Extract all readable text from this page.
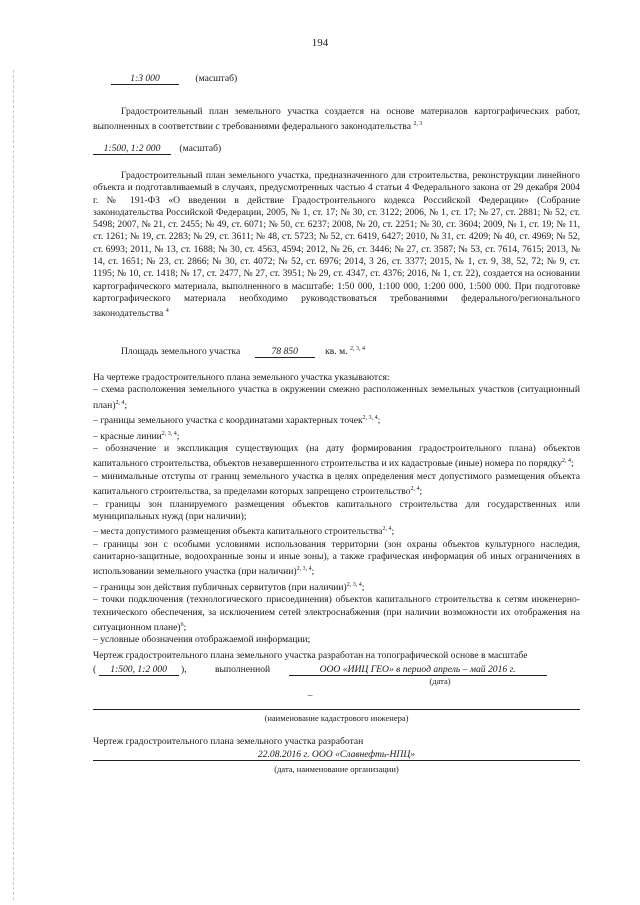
194
1:3 000	(масштаб)
Градостроительный план земельного участка создается на основе материалов картографических работ, выполненных в соответствии с требованиями федерального законодательства $^{2, 3}$
1:500, 1:2 000 (масштаб)
Градостроительный план земельного участка, предназначенного для строительства, реконструкции линейного объекта и подготавливаемый в случаях, предусмотренных частью 4 статьи 4 Федерального закона от 29 декабря 2004 г. № 191-ФЗ «О введении в действие Градостроительного кодекса Российской Федерации» (Собрание законодательства Российской Федерации, 2005, № 1, ст. 17; № 30, ст. 3122; 2006, № 1, ст. 17; № 27, ст. 2881; № 52, ст. 5498; 2007, № 21, ст. 2455; № 49, ст. 6071; № 50, ст. 6237; 2008, № 20, ст. 2251; № 30, ст. 3604; 2009, № 1, ст. 19; № 11, ст. 1261; № 19, ст. 2283; № 29, ст. 3611; № 48, ст. 5723; № 52, ст. 6419, 6427; 2010, № 31, ст. 4209; № 40, ст. 4969; № 52, ст. 6993; 2011, № 13, ст. 1688; № 30, ст. 4563, 4594; 2012, № 26, ст. 3446; № 27, ст. 3587; № 53, ст. 7614, 7615; 2013, № 14, ст. 1651; № 23, ст. 2866; № 30, ст. 4072; № 52, ст. 6976; 2014, 3 26, ст. 3377; 2015, № 1, ст. 9, 38, 52, 72; № 9, ст. 1195; № 10, ст. 1418; № 17, ст. 2477, № 27, ст. 3951; № 29, ст. 4347, ст. 4376; 2016, № 1, ст. 22), создается на основании картографического материала, выполненного в масштабе: 1:50 000, 1:100 000, 1:200 000, 1:500 000. При подготовке картографического материала необходимо руководствоваться требованиями федерального/регионального законодательства $^4$
Площадь земельного участка	78 850	кв. м. $^{2, 3, 4}$

На чертеже градостроительного плана земельного участка указываются:

– схема расположения земельного участка в окружении смежно расположенных земельных участков (ситуационный план)$^{2, 4}$;

– границы земельного участка с координатами характерных точек$^{2, 3, 4}$;

– красные линии$^{2, 3, 4}$;

– обозначение и экспликация существующих (на дату формирования градостроительного плана) объектов капитального строительства, объектов незавершенного строительства и их кадастровые (иные) номера по порядку$^{2, 4}$;

– минимальные отступы от границ земельного участка в целях определения мест допустимого размещения объекта капитального строительства, за пределами которых запрещено строительство$^{2, 4}$;

– границы зон планируемого размещения объектов капитального строительства для государственных или муниципальных нужд (при наличии);

– места допустимого размещения объекта капитального строительства$^{2, 4}$;

– границы зон с особыми условиями использования территории (зон охраны объектов культурного наследия, санитарно-защитные, водоохранные зоны и иные зоны), а также графическая информация об иных ограничениях в использовании земельного участка (при наличии)$^{2, 3, 4}$;

– границы зон действия публичных сервитутов (при наличии)$^{2, 3, 4}$;

– точки подключения (технологического присоединения) объектов капитального строительства к сетям инженерно-технического обеспечения, за исключением сетей электроснабжения (при наличии возможности их отображения на ситуационном плане)$^6$;

– условные обозначения отображаемой информации;

Чертеж градостроительного плана земельного участка разработан на топографической основе в масштабе
( 1:500, 1:2 000 ),	выполненной	ООО «ИИЦ ГЕО» в период апрель – май 2016 г.
(дата)
–
(наименование кадастрового инженера)
Чертеж градостроительного плана земельного участка разработан
22.08.2016 г. ООО «Славнефть-НПЦ»
(дата, наименование организации)
